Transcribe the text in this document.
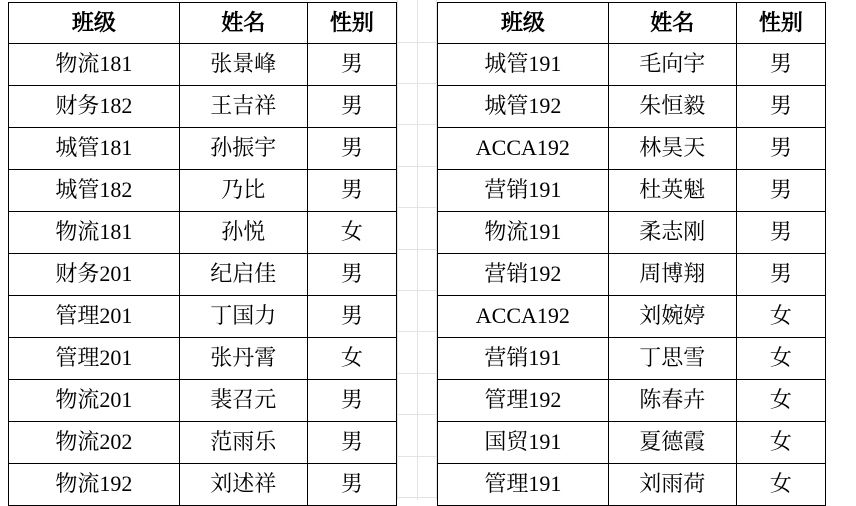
班级	姓名	性别
物流181	张景峰	男
财务182	王吉祥	男
城管181	孙振宇	男
城管182	乃比	男
物流181	孙悦	女
财务201	纪启佳	男
管理201	丁国力	男
管理201	张丹霄	女
物流201	裴召元	男
物流202	范雨乐	男
物流192	刘述祥	男
班级	姓名	性别
城管191	毛向宇	男
城管192	朱恒毅	男
ACCA192	林昊天	男
营销191	杜英魁	男
物流191	柔志刚	男
营销192	周博翔	男
ACCA192	刘婉婷	女
营销191	丁思雪	女
管理192	陈春卉	女
国贸191	夏德霞	女
管理191	刘雨荷	女
